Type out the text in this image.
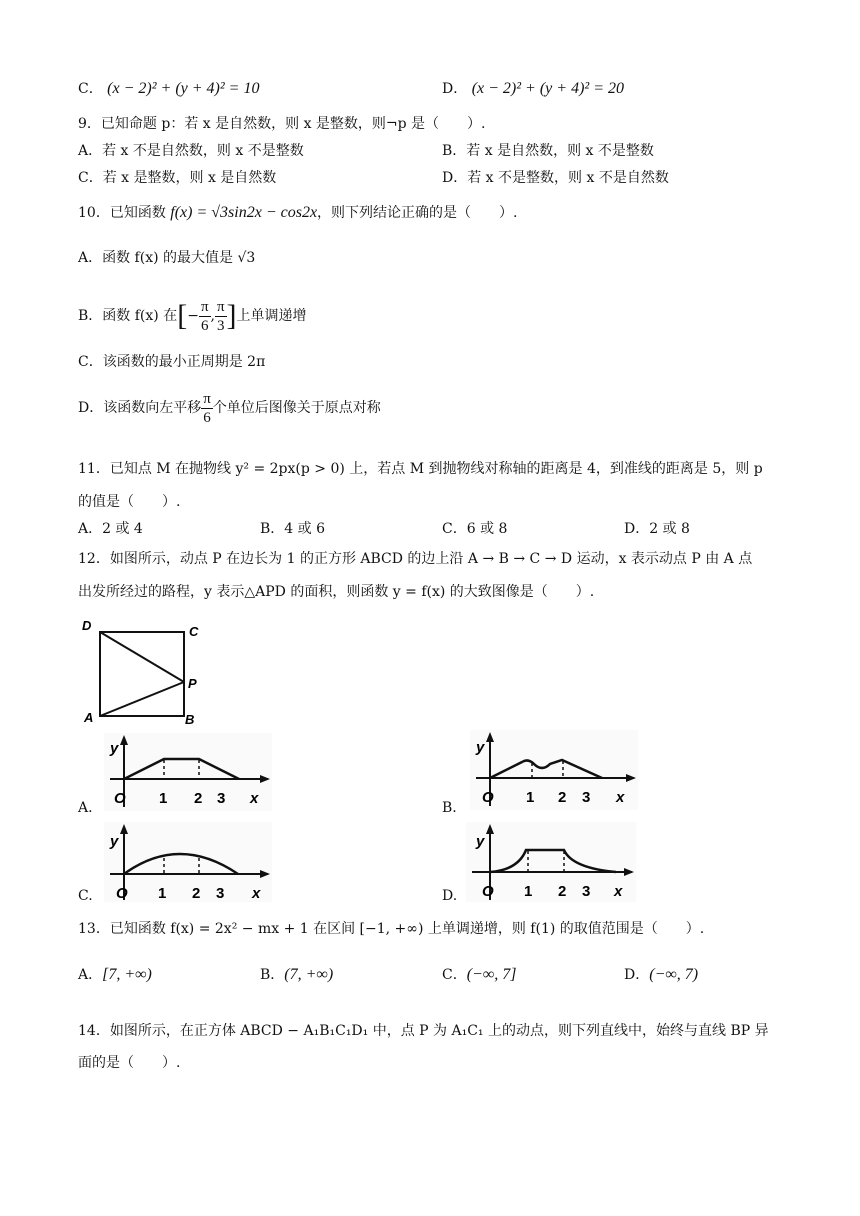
C． (x − 2)² + (y + 4)² = 10	D． (x − 2)² + (y + 4)² = 20
9．已知命题 p：若 x 是自然数，则 x 是整数，则¬p 是（　　）.
A．若 x 不是自然数，则 x 不是整数	B．若 x 是自然数，则 x 不是整数
C．若 x 是整数，则 x 是自然数	D．若 x 不是整数，则 x 不是自然数
10．已知函数 f(x) = √3sin2x − cos2x，则下列结论正确的是（　　）.
A．函数 f(x) 的最大值是 √3
B．函数 f(x) 在[− $\frac{\pi}{6}$ , $\frac{\pi}{3}$ ]上单调递增
C．该函数的最小正周期是 2π
D．该函数向左平移 $\frac{\pi}{6}$ 个单位后图像关于原点对称
11．已知点 M 在抛物线 y² = 2px(p > 0) 上，若点 M 到抛物线对称轴的距离是 4，到准线的距离是 5，则 p
的值是（　　）.
A．2 或 4	B．4 或 6	C．6 或 8	D．2 或 8
12．如图所示，动点 P 在边长为 1 的正方形 ABCD 的边上沿 A → B → C → D 运动，x 表示动点 P 由 A 点
出发所经过的路程，y 表示△APD 的面积，则函数 y = f(x) 的大致图像是（　　）.
D	C
P
A	B
A.
y
O 1 2 3 x
B.
y
O 1 2 3 x
C.
y
O 1 2 3 x	D.
y
O 1 2 3 x
13．已知函数 f(x) = 2x² − mx + 1 在区间 [−1, +∞) 上单调递增，则 f(1) 的取值范围是（　　）.
A．[7, +∞)	B．(7, +∞)	C．(−∞, 7]	D．(−∞, 7)
14．如图所示，在正方体 ABCD − A₁B₁C₁D₁ 中，点 P 为 A₁C₁ 上的动点，则下列直线中，始终与直线 BP 异
面的是（　　）.
